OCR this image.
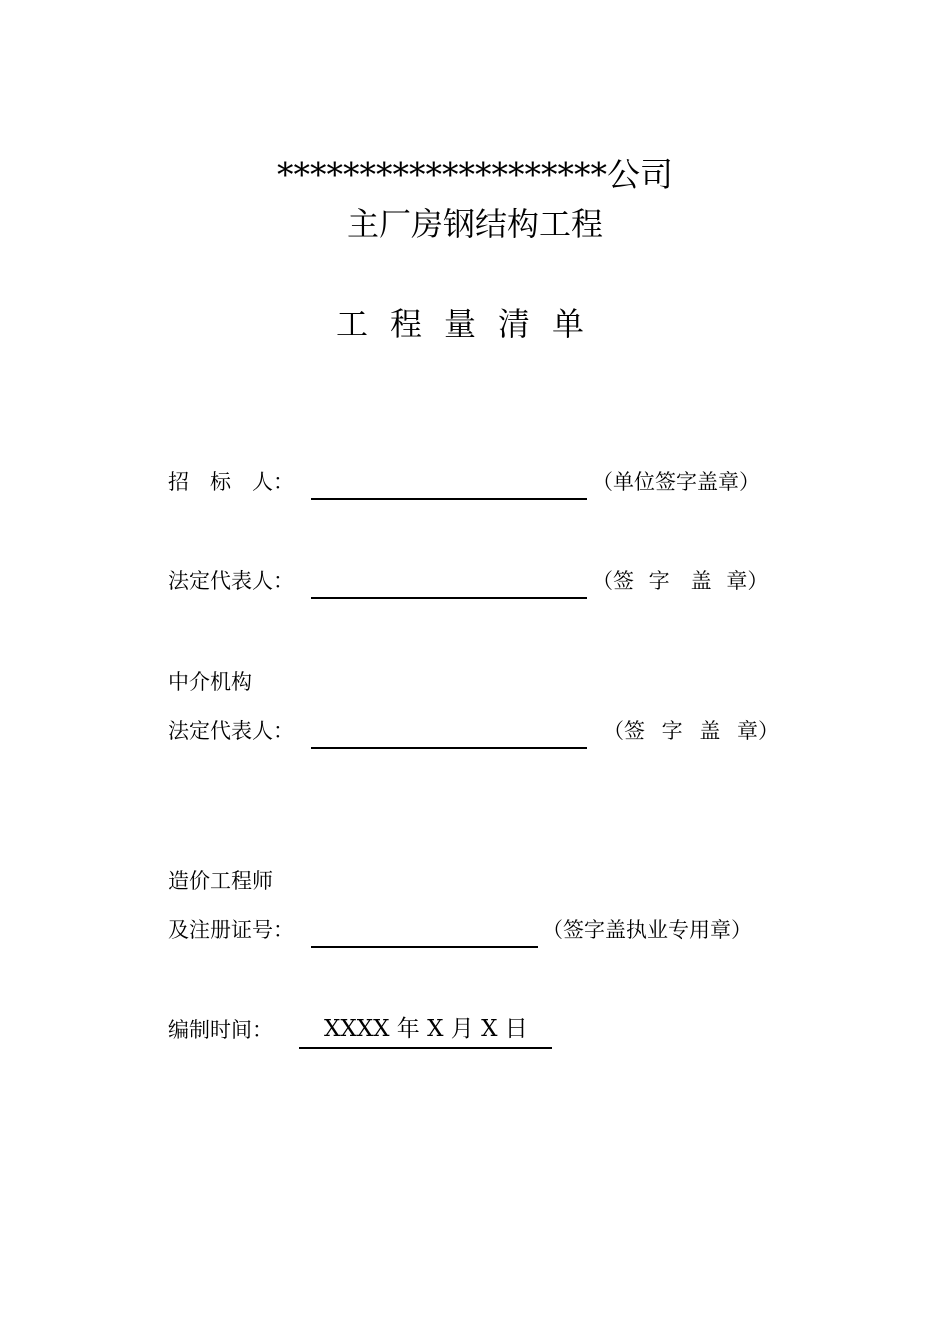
********************公司
主厂房钢结构工程
工程量清单
招　标　人：	（单位签字盖章）
法定代表人：	（签 字　盖 章）
中介机构
法定代表人：	（签 字 盖 章）
造价工程师
及注册证号：	（签字盖执业专用章）
编制时间： XXXX 年 X 月 X 日
